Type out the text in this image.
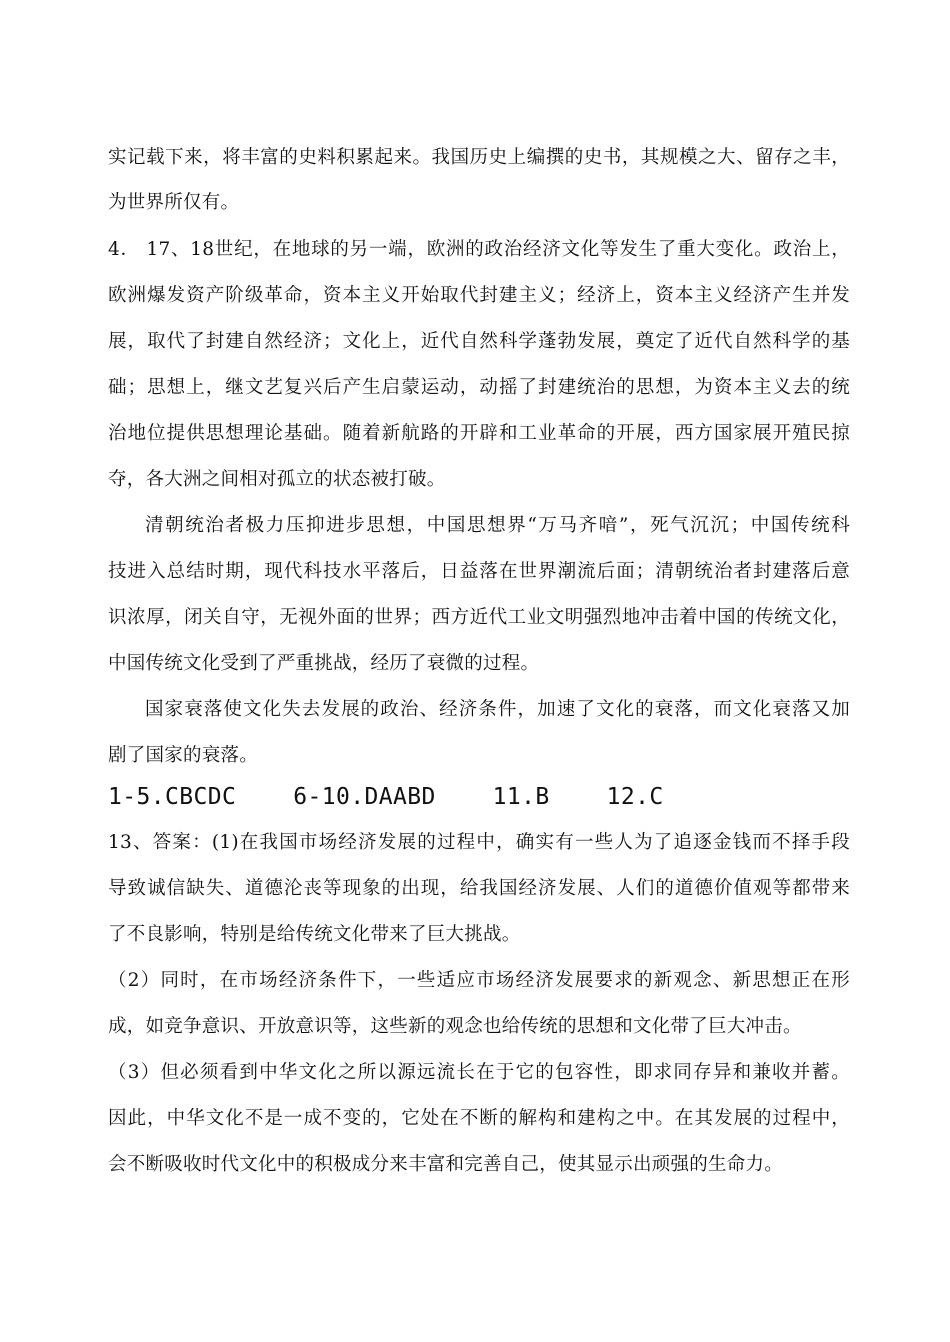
实记载下来，将丰富的史料积累起来。我国历史上编撰的史书，其规模之大、留存之丰，
为世界所仅有。
4． 17、18世纪，在地球的另一端，欧洲的政治经济文化等发生了重大变化。政治上，
欧洲爆发资产阶级革命，资本主义开始取代封建主义；经济上，资本主义经济产生并发
展，取代了封建自然经济；文化上，近代自然科学蓬勃发展，奠定了近代自然科学的基
础；思想上，继文艺复兴后产生启蒙运动，动摇了封建统治的思想，为资本主义去的统
治地位提供思想理论基础。随着新航路的开辟和工业革命的开展，西方国家展开殖民掠
夺，各大洲之间相对孤立的状态被打破。
清朝统治者极力压抑进步思想，中国思想界“万马齐喑”，死气沉沉；中国传统科
技进入总结时期，现代科技水平落后，日益落在世界潮流后面；清朝统治者封建落后意
识浓厚，闭关自守，无视外面的世界；西方近代工业文明强烈地冲击着中国的传统文化，
中国传统文化受到了严重挑战，经历了衰微的过程。
国家衰落使文化失去发展的政治、经济条件，加速了文化的衰落，而文化衰落又加
剧了国家的衰落。
1-5.CBCDC    6-10.DAABD    11.B    12.C
13、答案：(1)在我国市场经济发展的过程中，确实有一些人为了追逐金钱而不择手段
导致诚信缺失、道德沦丧等现象的出现，给我国经济发展、人们的道德价值观等都带来
了不良影响，特别是给传统文化带来了巨大挑战。
（2）同时，在市场经济条件下，一些适应市场经济发展要求的新观念、新思想正在形
成，如竞争意识、开放意识等，这些新的观念也给传统的思想和文化带了巨大冲击。
（3）但必须看到中华文化之所以源远流长在于它的包容性，即求同存异和兼收并蓄。
因此，中华文化不是一成不变的，它处在不断的解构和建构之中。在其发展的过程中，
会不断吸收时代文化中的积极成分来丰富和完善自己，使其显示出顽强的生命力。
